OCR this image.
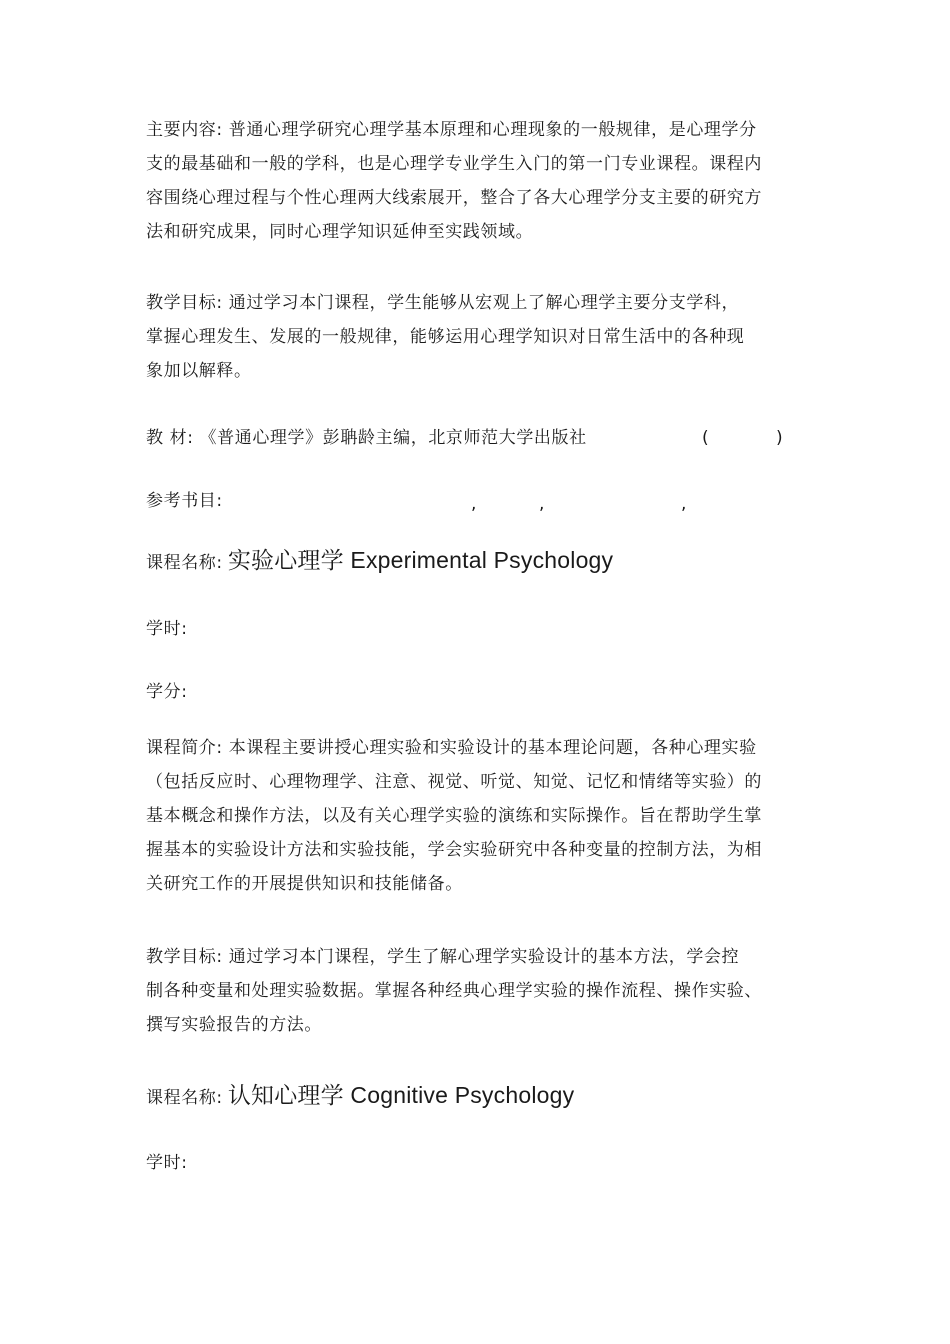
主要内容: 普通心理学研究心理学基本原理和心理现象的一般规律，是心理学分
支的最基础和一般的学科，也是心理学专业学生入门的第一门专业课程。课程内
容围绕心理过程与个性心理两大线索展开，整合了各大心理学分支主要的研究方
法和研究成果，同时心理学知识延伸至实践领域。

教学目标: 通过学习本门课程，学生能够从宏观上了解心理学主要分支学科，
掌握心理发生、发展的一般规律，能够运用心理学知识对日常生活中的各种现
象加以解释。

教 材: 《普通心理学》彭聃龄主编，北京师范大学出版社	(	)
参考书目:	,	,	,
课程名称: 实验心理学 Experimental Psychology
学时:
学分:

课程简介: 本课程主要讲授心理实验和实验设计的基本理论问题，各种心理实验
（包括反应时、心理物理学、注意、视觉、听觉、知觉、记忆和情绪等实验）的
基本概念和操作方法，以及有关心理学实验的演练和实际操作。旨在帮助学生掌
握基本的实验设计方法和实验技能，学会实验研究中各种变量的控制方法，为相
关研究工作的开展提供知识和技能储备。

教学目标: 通过学习本门课程，学生了解心理学实验设计的基本方法，学会控
制各种变量和处理实验数据。掌握各种经典心理学实验的操作流程、操作实验、
撰写实验报告的方法。

课程名称: 认知心理学 Cognitive Psychology
学时:
